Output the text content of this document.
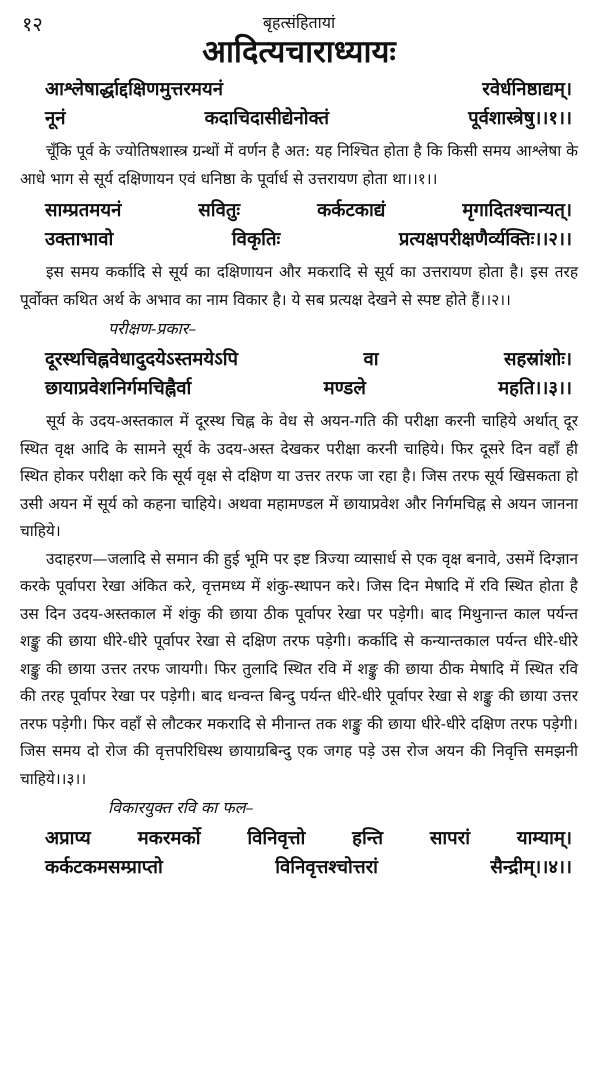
१२	बृहत्संहितायां
आदित्यचाराध्यायः
आश्लेषार्द्धाद्दक्षिणमुत्तरमयनं	रवेर्धनिष्ठाद्यम्।
नूनं	कदाचिदासीद्येनोक्तं	पूर्वशास्त्रेषु।।१।।

चूँकि पूर्व के ज्योतिषशास्त्र ग्रन्थों में वर्णन है अत: यह निश्चित होता है कि किसी समय आश्लेषा के आधे भाग से सूर्य दक्षिणायन एवं धनिष्ठा के पूर्वार्ध से उत्तरायण होता था।।१।।

साम्प्रतमयनं	सवितुः	कर्कटकाद्यं	मृगादितश्चान्यत्।
उक्ताभावो	विकृतिः	प्रत्यक्षपरीक्षणैर्व्यक्तिः।।२।।

इस समय कर्कादि से सूर्य का दक्षिणायन और मकरादि से सूर्य का उत्तरायण होता है। इस तरह पूर्वोक्त कथित अर्थ के अभाव का नाम विकार है। ये सब प्रत्यक्ष देखने से स्पष्ट होते हैं।।२।।

परीक्षण-प्रकार–
दूरस्थचिह्नवेधादुदयेऽस्तमयेऽपि	वा	सहस्रांशोः।
छायाप्रवेशनिर्गमचिह्नैर्वा	मण्डले	महति।।३।।

सूर्य के उदय-अस्तकाल में दूरस्थ चिह्न के वेध से अयन-गति की परीक्षा करनी चाहिये अर्थात् दूर स्थित वृक्ष आदि के सामने सूर्य के उदय-अस्त देखकर परीक्षा करनी चाहिये। फिर दूसरे दिन वहाँ ही स्थित होकर परीक्षा करे कि सूर्य वृक्ष से दक्षिण या उत्तर तरफ जा रहा है। जिस तरफ सूर्य खिसकता हो उसी अयन में सूर्य को कहना चाहिये। अथवा महामण्डल में छायाप्रवेश और निर्गमचिह्न से अयन जानना चाहिये।

उदाहरण—जलादि से समान की हुई भूमि पर इष्ट त्रिज्या व्यासार्ध से एक वृक्ष बनावे, उसमें दिग्ज्ञान करके पूर्वापरा रेखा अंकित करे, वृत्तमध्य में शंकु-स्थापन करे। जिस दिन मेषादि में रवि स्थित होता है उस दिन उदय-अस्तकाल में शंकु की छाया ठीक पूर्वापर रेखा पर पड़ेगी। बाद मिथुनान्त काल पर्यन्त शङ्कु की छाया धीरे-धीरे पूर्वापर रेखा से दक्षिण तरफ पड़ेगी। कर्कादि से कन्यान्तकाल पर्यन्त धीरे-धीरे शङ्कु की छाया उत्तर तरफ जायगी। फिर तुलादि स्थित रवि में शङ्कु की छाया ठीक मेषादि में स्थित रवि की तरह पूर्वापर रेखा पर पड़ेगी। बाद धन्वन्त बिन्दु पर्यन्त धीरे-धीरे पूर्वापर रेखा से शङ्कु की छाया उत्तर तरफ पड़ेगी। फिर वहाँ से लौटकर मकरादि से मीनान्त तक शङ्कु की छाया धीरे-धीरे दक्षिण तरफ पड़ेगी। जिस समय दो रोज की वृत्तपरिधिस्थ छायाग्रबिन्दु एक जगह पड़े उस रोज अयन की निवृत्ति समझनी चाहिये।।३।।

विकारयुक्त रवि का फल–
अप्राप्य	मकरमर्को	विनिवृत्तो	हन्ति	सापरां	याम्याम्।
कर्कटकमसम्प्राप्तो	विनिवृत्तश्चोत्तरां	सैन्द्रीम्।।४।।
